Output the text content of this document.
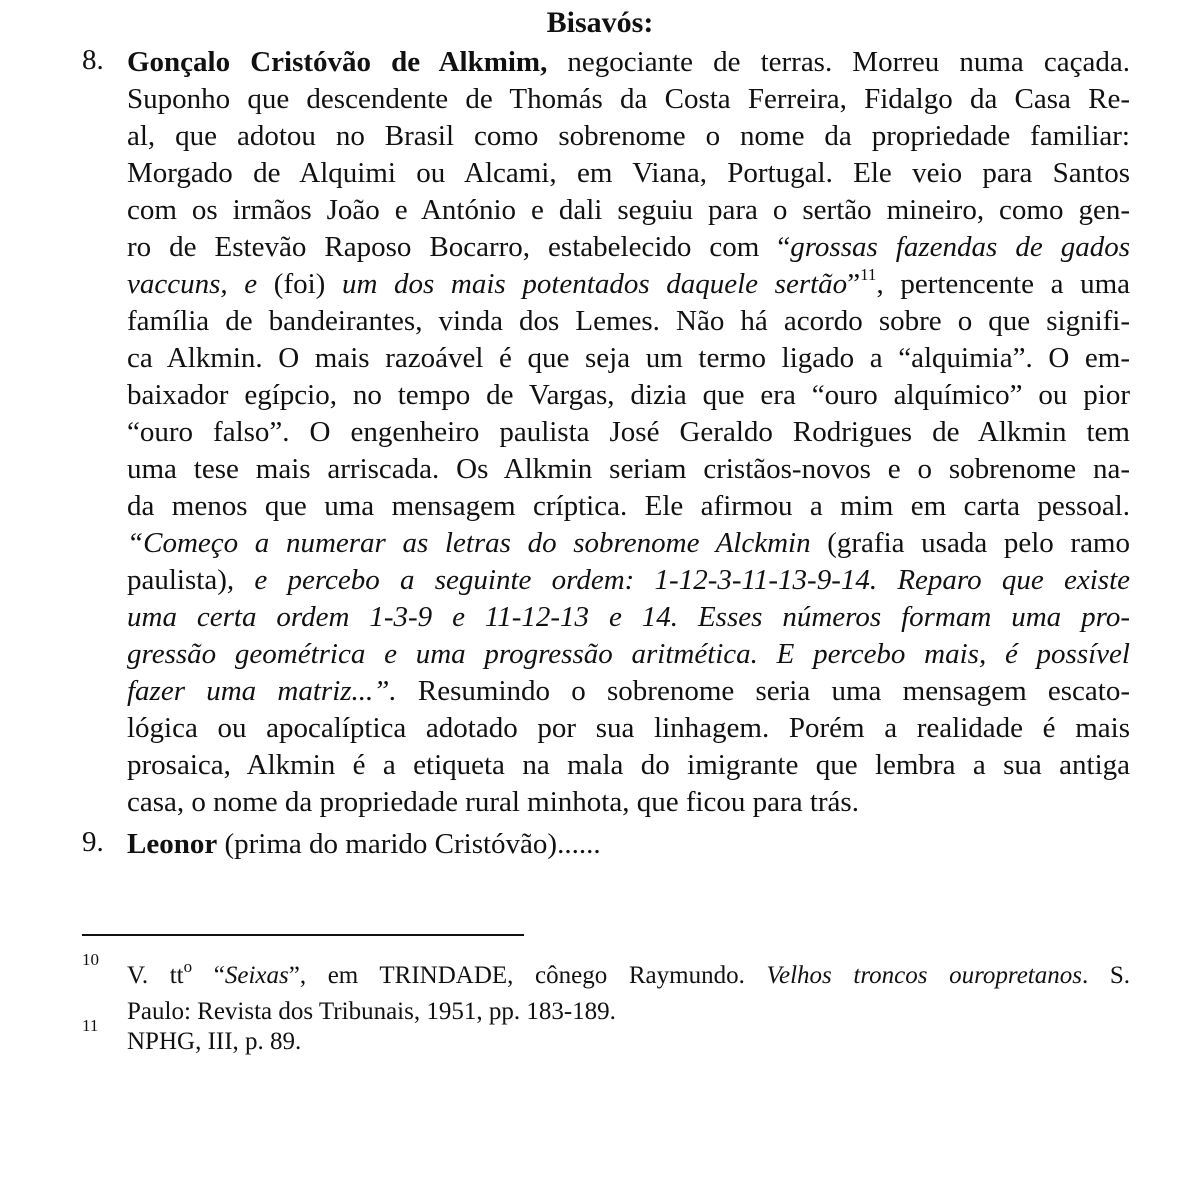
Bisavós:
8. Gonçalo Cristóvão de Alkmim, negociante de terras. Morreu numa caçada.
Suponho que descendente de Thomás da Costa Ferreira, Fidalgo da Casa Re-
al, que adotou no Brasil como sobrenome o nome da propriedade familiar:
Morgado de Alquimi ou Alcami, em Viana, Portugal. Ele veio para Santos
com os irmãos João e António e dali seguiu para o sertão mineiro, como gen-
ro de Estevão Raposo Bocarro, estabelecido com “grossas fazendas de gados
vaccuns, e (foi) um dos mais potentados daquele sertão”$^{11}$, pertencente a uma
família de bandeirantes, vinda dos Lemes. Não há acordo sobre o que signifi-
ca Alkmin. O mais razoável é que seja um termo ligado a “alquimia”. O em-
baixador egípcio, no tempo de Vargas, dizia que era “ouro alquímico” ou pior
“ouro falso”. O engenheiro paulista José Geraldo Rodrigues de Alkmin tem
uma tese mais arriscada. Os Alkmin seriam cristãos-novos e o sobrenome na-
da menos que uma mensagem críptica. Ele afirmou a mim em carta pessoal.
“Começo a numerar as letras do sobrenome Alckmin (grafia usada pelo ramo
paulista), e percebo a seguinte ordem: 1-12-3-11-13-9-14. Reparo que existe
uma certa ordem 1-3-9 e 11-12-13 e 14. Esses números formam uma pro-
gressão geométrica e uma progressão aritmética. E percebo mais, é possível
fazer uma matriz...”. Resumindo o sobrenome seria uma mensagem escato-
lógica ou apocalíptica adotado por sua linhagem. Porém a realidade é mais
prosaica, Alkmin é a etiqueta na mala do imigrante que lembra a sua antiga
casa, o nome da propriedade rural minhota, que ficou para trás.
9. Leonor (prima do marido Cristóvão)......
10
V. $tt^o$ “Seixas”, em TRINDADE, cônego Raymundo. Velhos troncos ouropretanos. S.
Paulo: Revista dos Tribunais, 1951, pp. 183-189.
11
NPHG, III, p. 89.
